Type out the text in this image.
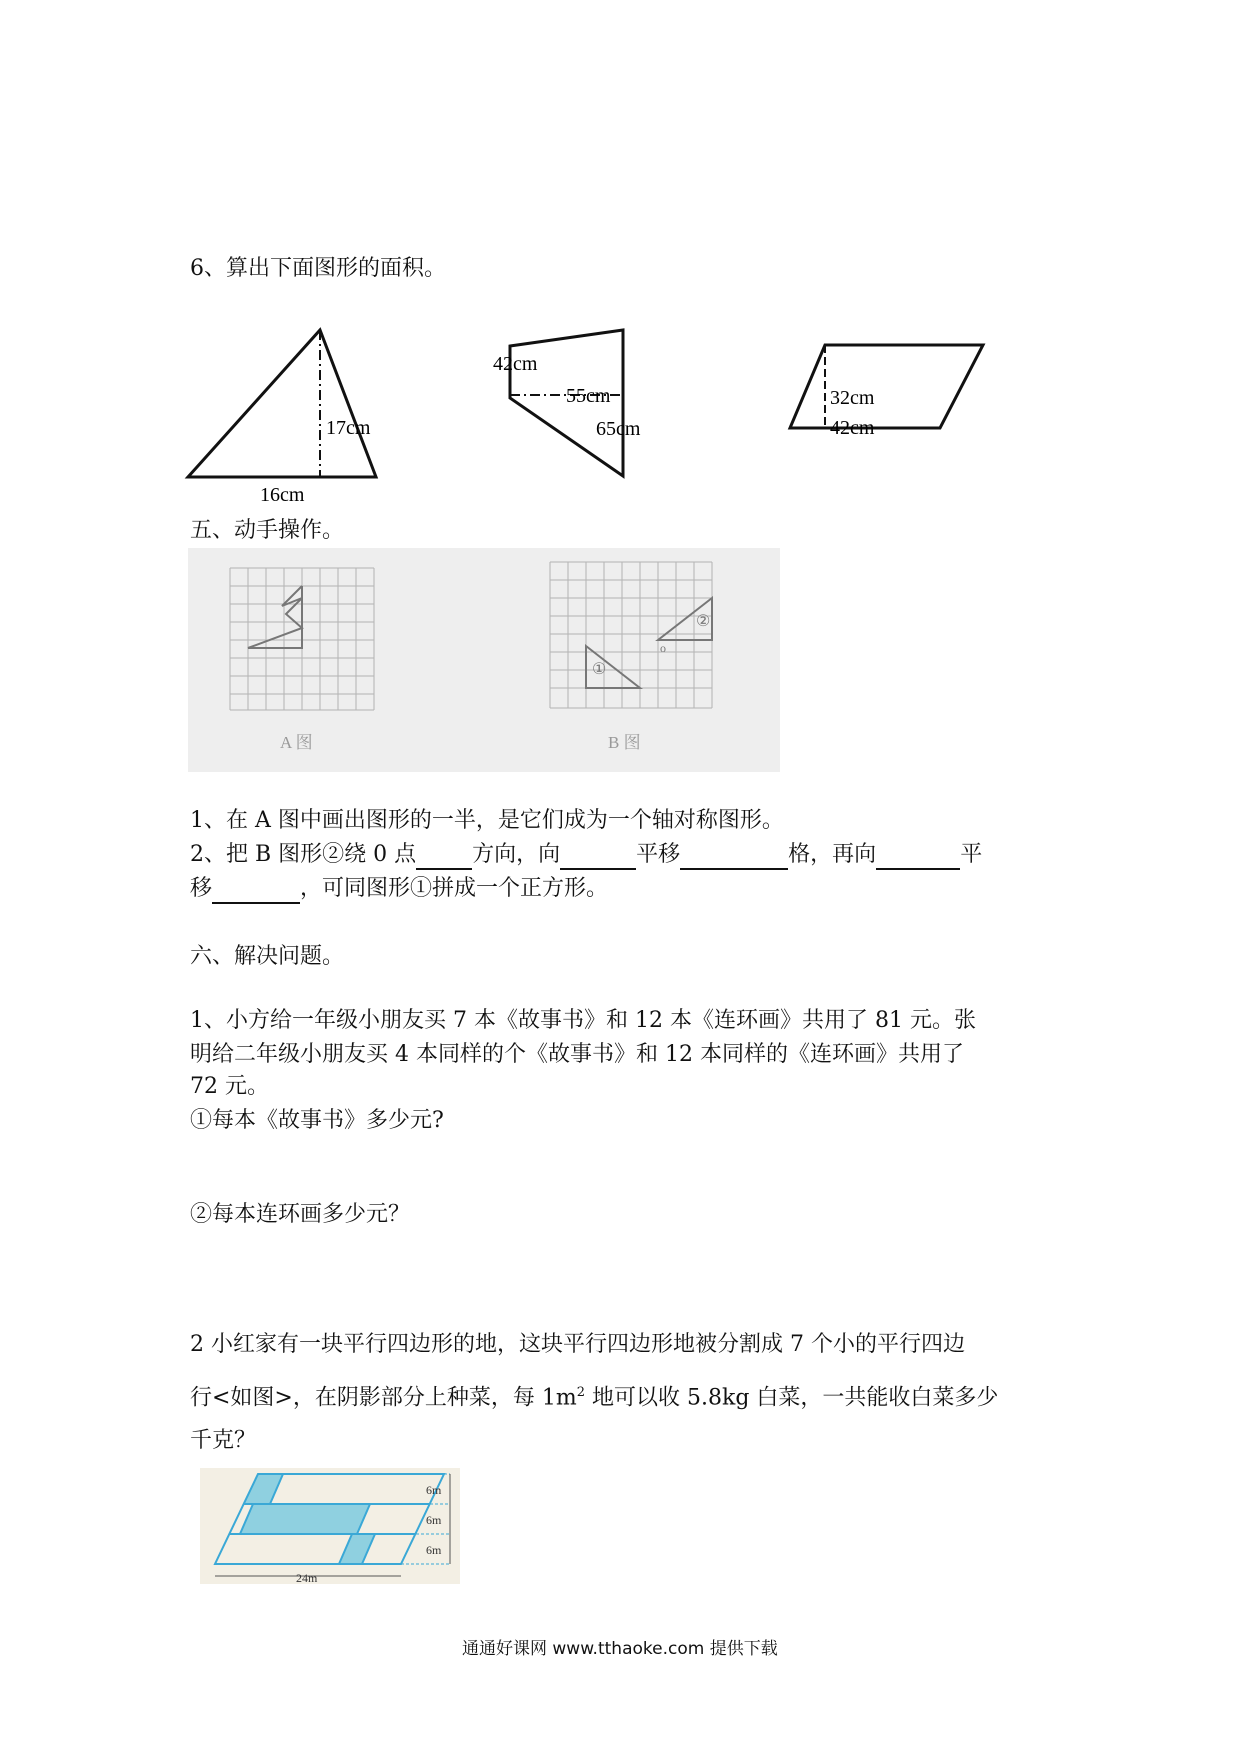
6、算出下面图形的面积。
17cm
16cm
42cm
55cm
65cm
32cm
42cm
五、动手操作。
A 图
①
②
o
B 图
1、在 A 图中画出图形的一半，是它们成为一个轴对称图形。
2、把 B 图形②绕 0 点	方向，向	平移	格，再向	平
移	，可同图形①拼成一个正方形。
六、解决问题。
1、小方给一年级小朋友买 7 本《故事书》和 12 本《连环画》共用了 81 元。张
明给二年级小朋友买 4 本同样的个《故事书》和 12 本同样的《连环画》共用了
72 元。
①每本《故事书》多少元?
②每本连环画多少元？
2 小红家有一块平行四边形的地，这块平行四边形地被分割成 7 个小的平行四边
行<如图>，在阴影部分上种菜，每 $1m^2$ 地可以收 5.8kg 白菜，一共能收白菜多少
千克？
6m
6m
6m
24m
通通好课网 www.tthaoke.com 提供下载
